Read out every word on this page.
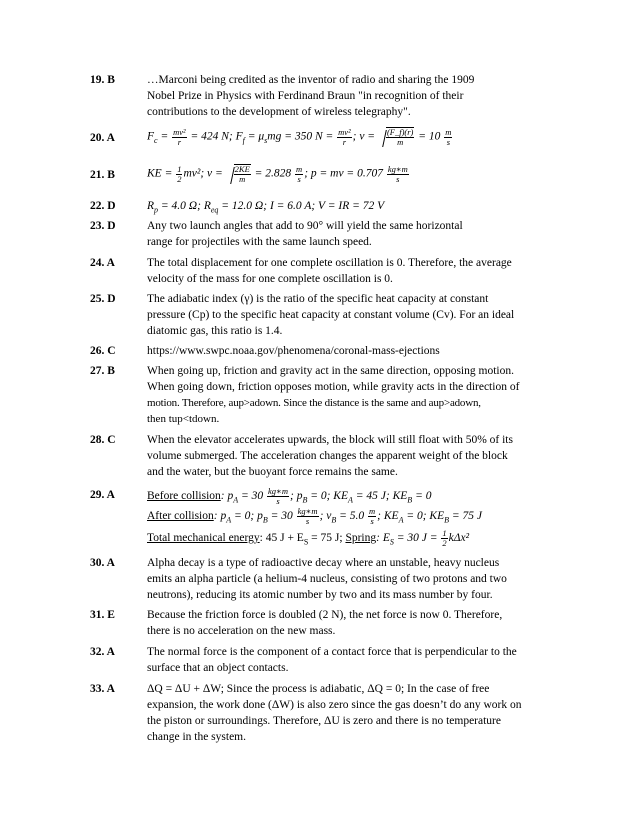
19. B	…Marconi being credited as the inventor of radio and sharing the 1909
Nobel Prize in Physics with Ferdinand Braun "in recognition of their
contributions to the development of wireless telegraphy".
20. A	$F_c = \frac{\text{mv²}}{r} = 424$ N; $F_f = \mu_smg = 350$ $N = \frac{\text{mv²}}{r}$ ; $v = \frac{(F\_f)(r)}{m} = 10 \frac{m}{s}$
21. B	KE = $\frac{1}{2} mv^2$; $v = \frac{2KE}{m} = 2.828 \frac{m}{s}$ ; p = mv = $0.707 \frac{kg∗m}{s}$
22. D	$R_p = 4.0$ Ω; $R_{eq} = 12.0$ Ω; I = 6.0 A; V = IR = 72 V
23. D	Any two launch angles that add to 90° will yield the same horizontal
range for projectiles with the same launch speed.
24. A	The total displacement for one complete oscillation is 0. Therefore, the average
velocity of the mass for one complete oscillation is 0.
25. D	The adiabatic index (γ) is the ratio of the specific heat capacity at constant
pressure (Cp) to the specific heat capacity at constant volume (Cv). For an ideal
diatomic gas, this ratio is 1.4.
26. C	https://www.swpc.noaa.gov/phenomena/coronal-mass-ejections
27. B	When going up, friction and gravity act in the same direction, opposing motion.
When going down, friction opposes motion, while gravity acts in the direction of
motion. Therefore, aup>adown. Since the distance is the same and aup>adown,
then tup<tdown.
28. C	When the elevator accelerates upwards, the block will still float with 50% of its
volume submerged. The acceleration changes the apparent weight of the block
and the water, but the buoyant force remains the same.
29. A	Before collision: $p_A = 30 \frac{kg∗m}{s}$ ; $p_B = 0$; $KE_A = 45$ J; $KE_B = 0$
After collision: $p_A = 0$; $p_B = 30 \frac{kg∗m}{s}$ ; $v_B = 5.0 \frac{m}{s}$ ; $KE_A = 0$; $KE_B = 75$ J
Total mechanical energy: 45 $J + E_S = 75$ J; Spring: $E_S = 30$ $J = \frac{1}{2} k\Delta x^2$
30. A	Alpha decay is a type of radioactive decay where an unstable, heavy nucleus
emits an alpha particle (a helium-4 nucleus, consisting of two protons and two
neutrons), reducing its atomic number by two and its mass number by four.
31. E	Because the friction force is doubled (2 N), the net force is now 0. Therefore,
there is no acceleration on the new mass.
32. A	The normal force is the component of a contact force that is perpendicular to the
surface that an object contacts.
33. A	ΔQ = ΔU + ΔW; Since the process is adiabatic, ΔQ = 0; In the case of free
expansion, the work done (ΔW) is also zero since the gas doesn’t do any work on
the piston or surroundings. Therefore, ΔU is zero and there is no temperature
change in the system.
